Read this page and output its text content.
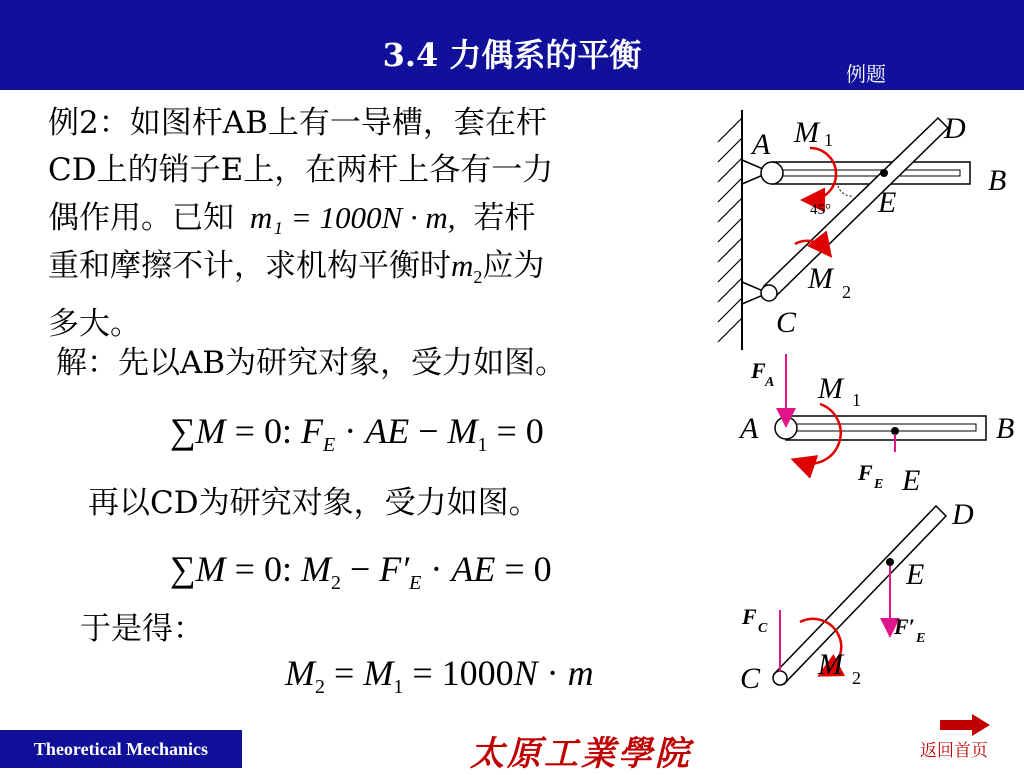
3.4 力偶系的平衡	例题
例2：如图杆AB上有一导槽，套在杆
CD上的销子E上，在两杆上各有一力
偶作用。已知 m₁ = 1000N · m, 若杆
重和摩擦不计，求机构平衡时$m_2$应为
多大。
解：先以AB为研究对象，受力如图。
∑M = 0: $F_E$ · AE − $M_1 = 0$
再以CD为研究对象，受力如图。
∑M = 0: $M_2 - F'_E$ · AE = 0
于是得：
$M_2 = M_1 = 1000N \cdot m$
A M 1	D
B
E
45°
M 2
C
F A M 1
A	B
F E E
D
E
F C	F′ E
M 2
C
Theoretical Mechanics	太原工業學院	返回首页
